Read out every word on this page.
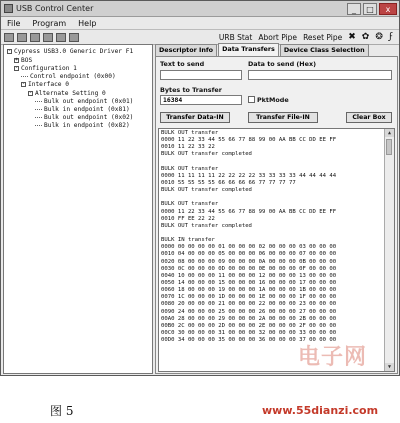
USB Control Center	_	□	x
File Program Help
URB Stat Abort Pipe Reset Pipe ✖ ✿ ❂ ϝ
- Cypress USB3.0 Generic Driver F1
+ BOS
- Configuration 1
Control endpoint (0x00)
- Interface 0
- Alternate Setting 0
Bulk out endpoint (0x01)
Bulk in endpoint (0x81)
Bulk out endpoint (0x02)
Bulk in endpoint (0x82)
Descriptor Info	Data Transfers	Device Class Selection
Text to send	Data to send (Hex)
Bytes to Transfer
16384	PktMode
Transfer Data-IN	Transfer File-IN	Clear Box
BULK OUT transfer
0000 11 22 33 44 55 66 77 88 99 00 AA BB CC DD EE FF
0010 11 22 33 22
BULK OUT transfer completed
BULK OUT transfer
0000 11 11 11 11 22 22 22 22 33 33 33 33 44 44 44 44
0010 55 55 55 55 66 66 66 66 77 77 77 77
BULK OUT transfer completed
BULK OUT transfer
0000 11 22 33 44 55 66 77 88 99 00 AA BB CC DD EE FF
0010 FF EE 22 22
BULK OUT transfer completed
BULK IN transfer
0000 00 00 00 00 01 00 00 00 02 00 00 00 03 00 00 00
0010 04 00 00 00 05 00 00 00 06 00 00 00 07 00 00 00
0020 08 00 00 00 09 00 00 00 0A 00 00 00 0B 00 00 00
0030 0C 00 00 00 0D 00 00 00 0E 00 00 00 0F 00 00 00
0040 10 00 00 00 11 00 00 00 12 00 00 00 13 00 00 00
0050 14 00 00 00 15 00 00 00 16 00 00 00 17 00 00 00
0060 18 00 00 00 19 00 00 00 1A 00 00 00 1B 00 00 00
0070 1C 00 00 00 1D 00 00 00 1E 00 00 00 1F 00 00 00
0080 20 00 00 00 21 00 00 00 22 00 00 00 23 00 00 00
0090 24 00 00 00 25 00 00 00 26 00 00 00 27 00 00 00
00A0 28 00 00 00 29 00 00 00 2A 00 00 00 2B 00 00 00
00B0 2C 00 00 00 2D 00 00 00 2E 00 00 00 2F 00 00 00
00C0 30 00 00 00 31 00 00 00 32 00 00 00 33 00 00 00
00D0 34 00 00 00 35 00 00 00 36 00 00 00 37 00 00 00
▲
▼
电子网
图 5	www.55dianzi.com
